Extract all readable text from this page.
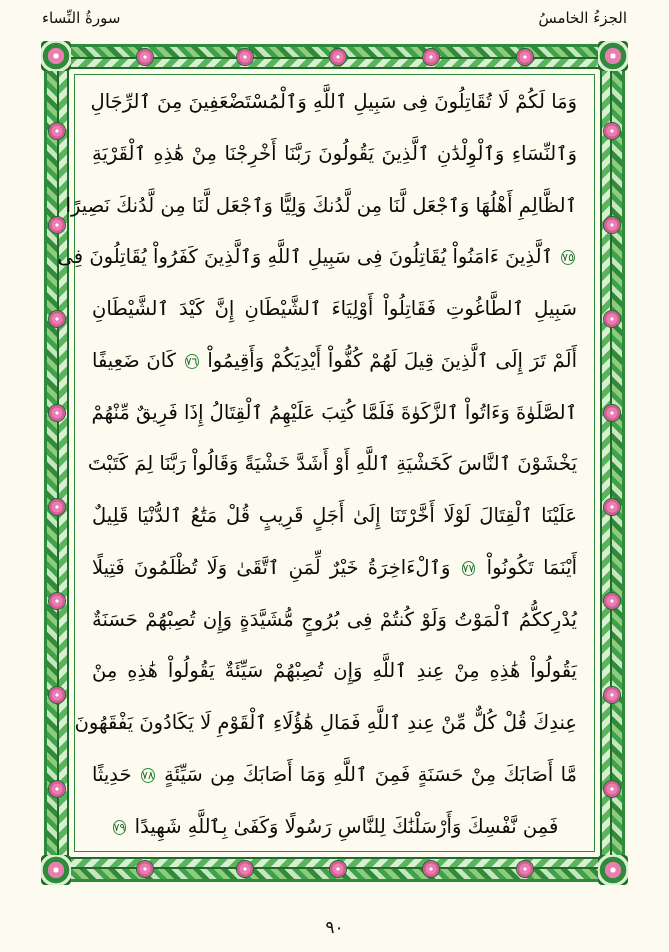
الجزءُ الخامسُ
سورةُ النِّساء
وَمَا لَكُمْ لَا تُقَاتِلُونَ فِى سَبِيلِ ٱللَّهِ وَٱلْمُسْتَضْعَفِينَ مِنَ ٱلرِّجَالِ
وَٱلنِّسَاءِ وَٱلْوِلْدَٰنِ ٱلَّذِينَ يَقُولُونَ رَبَّنَا أَخْرِجْنَا مِنْ هَٰذِهِ ٱلْقَرْيَةِ
ٱلظَّالِمِ أَهْلُهَا وَٱجْعَل لَّنَا مِن لَّدُنكَ وَلِيًّا وَٱجْعَل لَّنَا مِن لَّدُنكَ نَصِيرًا
٧٥ ٱلَّذِينَ ءَامَنُواْ يُقَاتِلُونَ فِى سَبِيلِ ٱللَّهِ وَٱلَّذِينَ كَفَرُواْ يُقَاتِلُونَ فِى
سَبِيلِ ٱلطَّاغُوتِ فَقَاتِلُواْ أَوْلِيَاءَ ٱلشَّيْطَانِ إِنَّ كَيْدَ ٱلشَّيْطَانِ
أَلَمْ تَرَ إِلَى ٱلَّذِينَ قِيلَ لَهُمْ كُفُّواْ أَيْدِيَكُمْ وَأَقِيمُواْ ٧٦ كَانَ ضَعِيفًا
ٱلصَّلَوٰةَ وَءَاتُواْ ٱلزَّكَوٰةَ فَلَمَّا كُتِبَ عَلَيْهِمُ ٱلْقِتَالُ إِذَا فَرِيقٌ مِّنْهُمْ
يَخْشَوْنَ ٱلنَّاسَ كَخَشْيَةِ ٱللَّهِ أَوْ أَشَدَّ خَشْيَةً وَقَالُواْ رَبَّنَا لِمَ كَتَبْتَ
عَلَيْنَا ٱلْقِتَالَ لَوْلَا أَخَّرْتَنَا إِلَىٰ أَجَلٍ قَرِيبٍ قُلْ مَتَٰعُ ٱلدُّنْيَا قَلِيلٌ
أَيْنَمَا تَكُونُواْ ٧٧ وَٱلْءَاخِرَةُ خَيْرٌ لِّمَنِ ٱتَّقَىٰ وَلَا تُظْلَمُونَ فَتِيلًا
يُدْرِككُّمُ ٱلْمَوْتُ وَلَوْ كُنتُمْ فِى بُرُوجٍ مُّشَيَّدَةٍ وَإِن تُصِبْهُمْ حَسَنَةٌ
يَقُولُواْ هَٰذِهِ مِنْ عِندِ ٱللَّهِ وَإِن تُصِبْهُمْ سَيِّئَةٌ يَقُولُواْ هَٰذِهِ مِنْ
عِندِكَ قُلْ كُلٌّ مِّنْ عِندِ ٱللَّهِ فَمَالِ هَٰؤُلَاءِ ٱلْقَوْمِ لَا يَكَادُونَ يَفْقَهُونَ
مَّا أَصَابَكَ مِنْ حَسَنَةٍ فَمِنَ ٱللَّهِ وَمَا أَصَابَكَ مِن سَيِّئَةٍ ٧٨ حَدِيثًا
فَمِن نَّفْسِكَ وَأَرْسَلْنَٰكَ لِلنَّاسِ رَسُولًا وَكَفَىٰ بِٱللَّهِ شَهِيدًا ٧٩
٩٠
